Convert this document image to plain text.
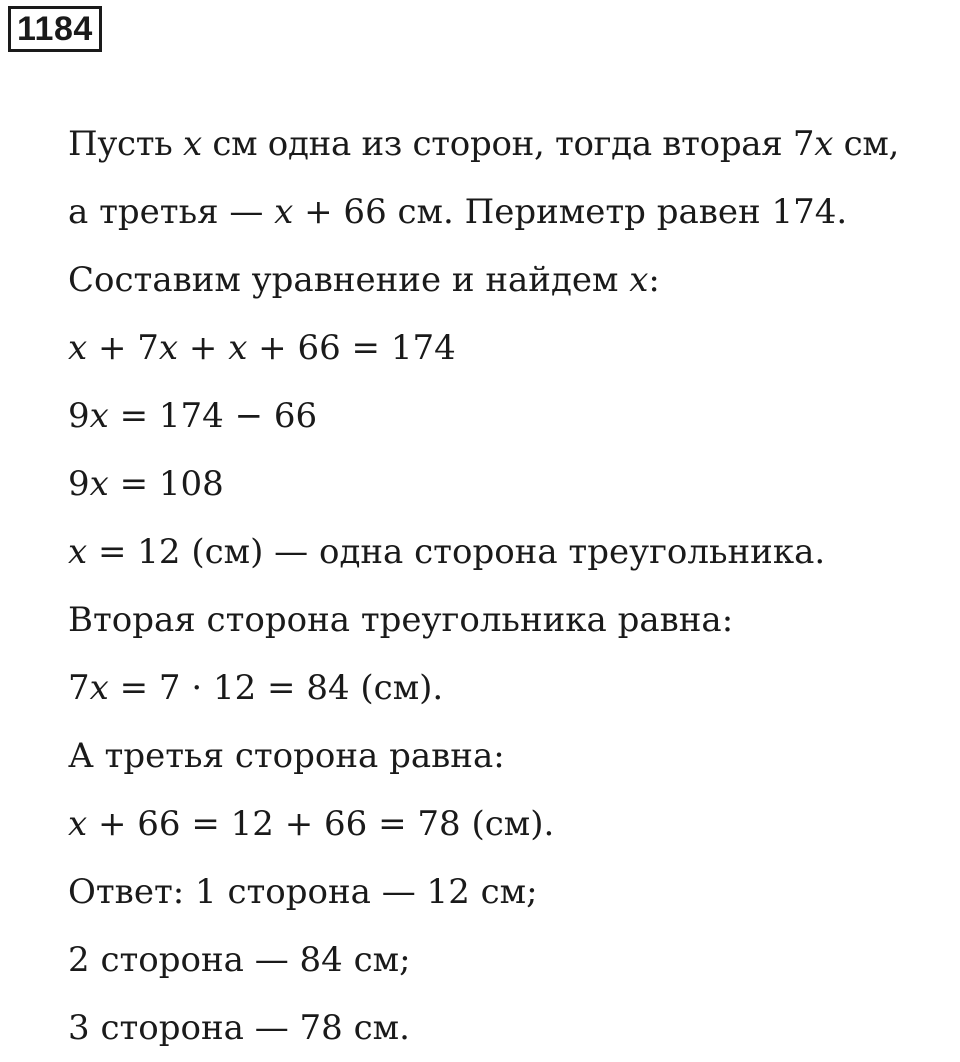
1184
Пусть 𝑥 см одна из сторон, тогда вторая 7𝑥 см,
а третья — 𝑥 + 66 см. Периметр равен 174.
Составим уравнение и найдем 𝑥:
𝑥 + 7𝑥 + 𝑥 + 66 = 174
9𝑥 = 174 − 66
9𝑥 = 108
𝑥 = 12 (см) — одна сторона треугольника.
Вторая сторона треугольника равна:
7𝑥 = 7 · 12 = 84 (см).
А третья сторона равна:
𝑥 + 66 = 12 + 66 = 78 (см).
Ответ: 1 сторона — 12 см;
2 сторона — 84 см;
3 сторона — 78 см.
